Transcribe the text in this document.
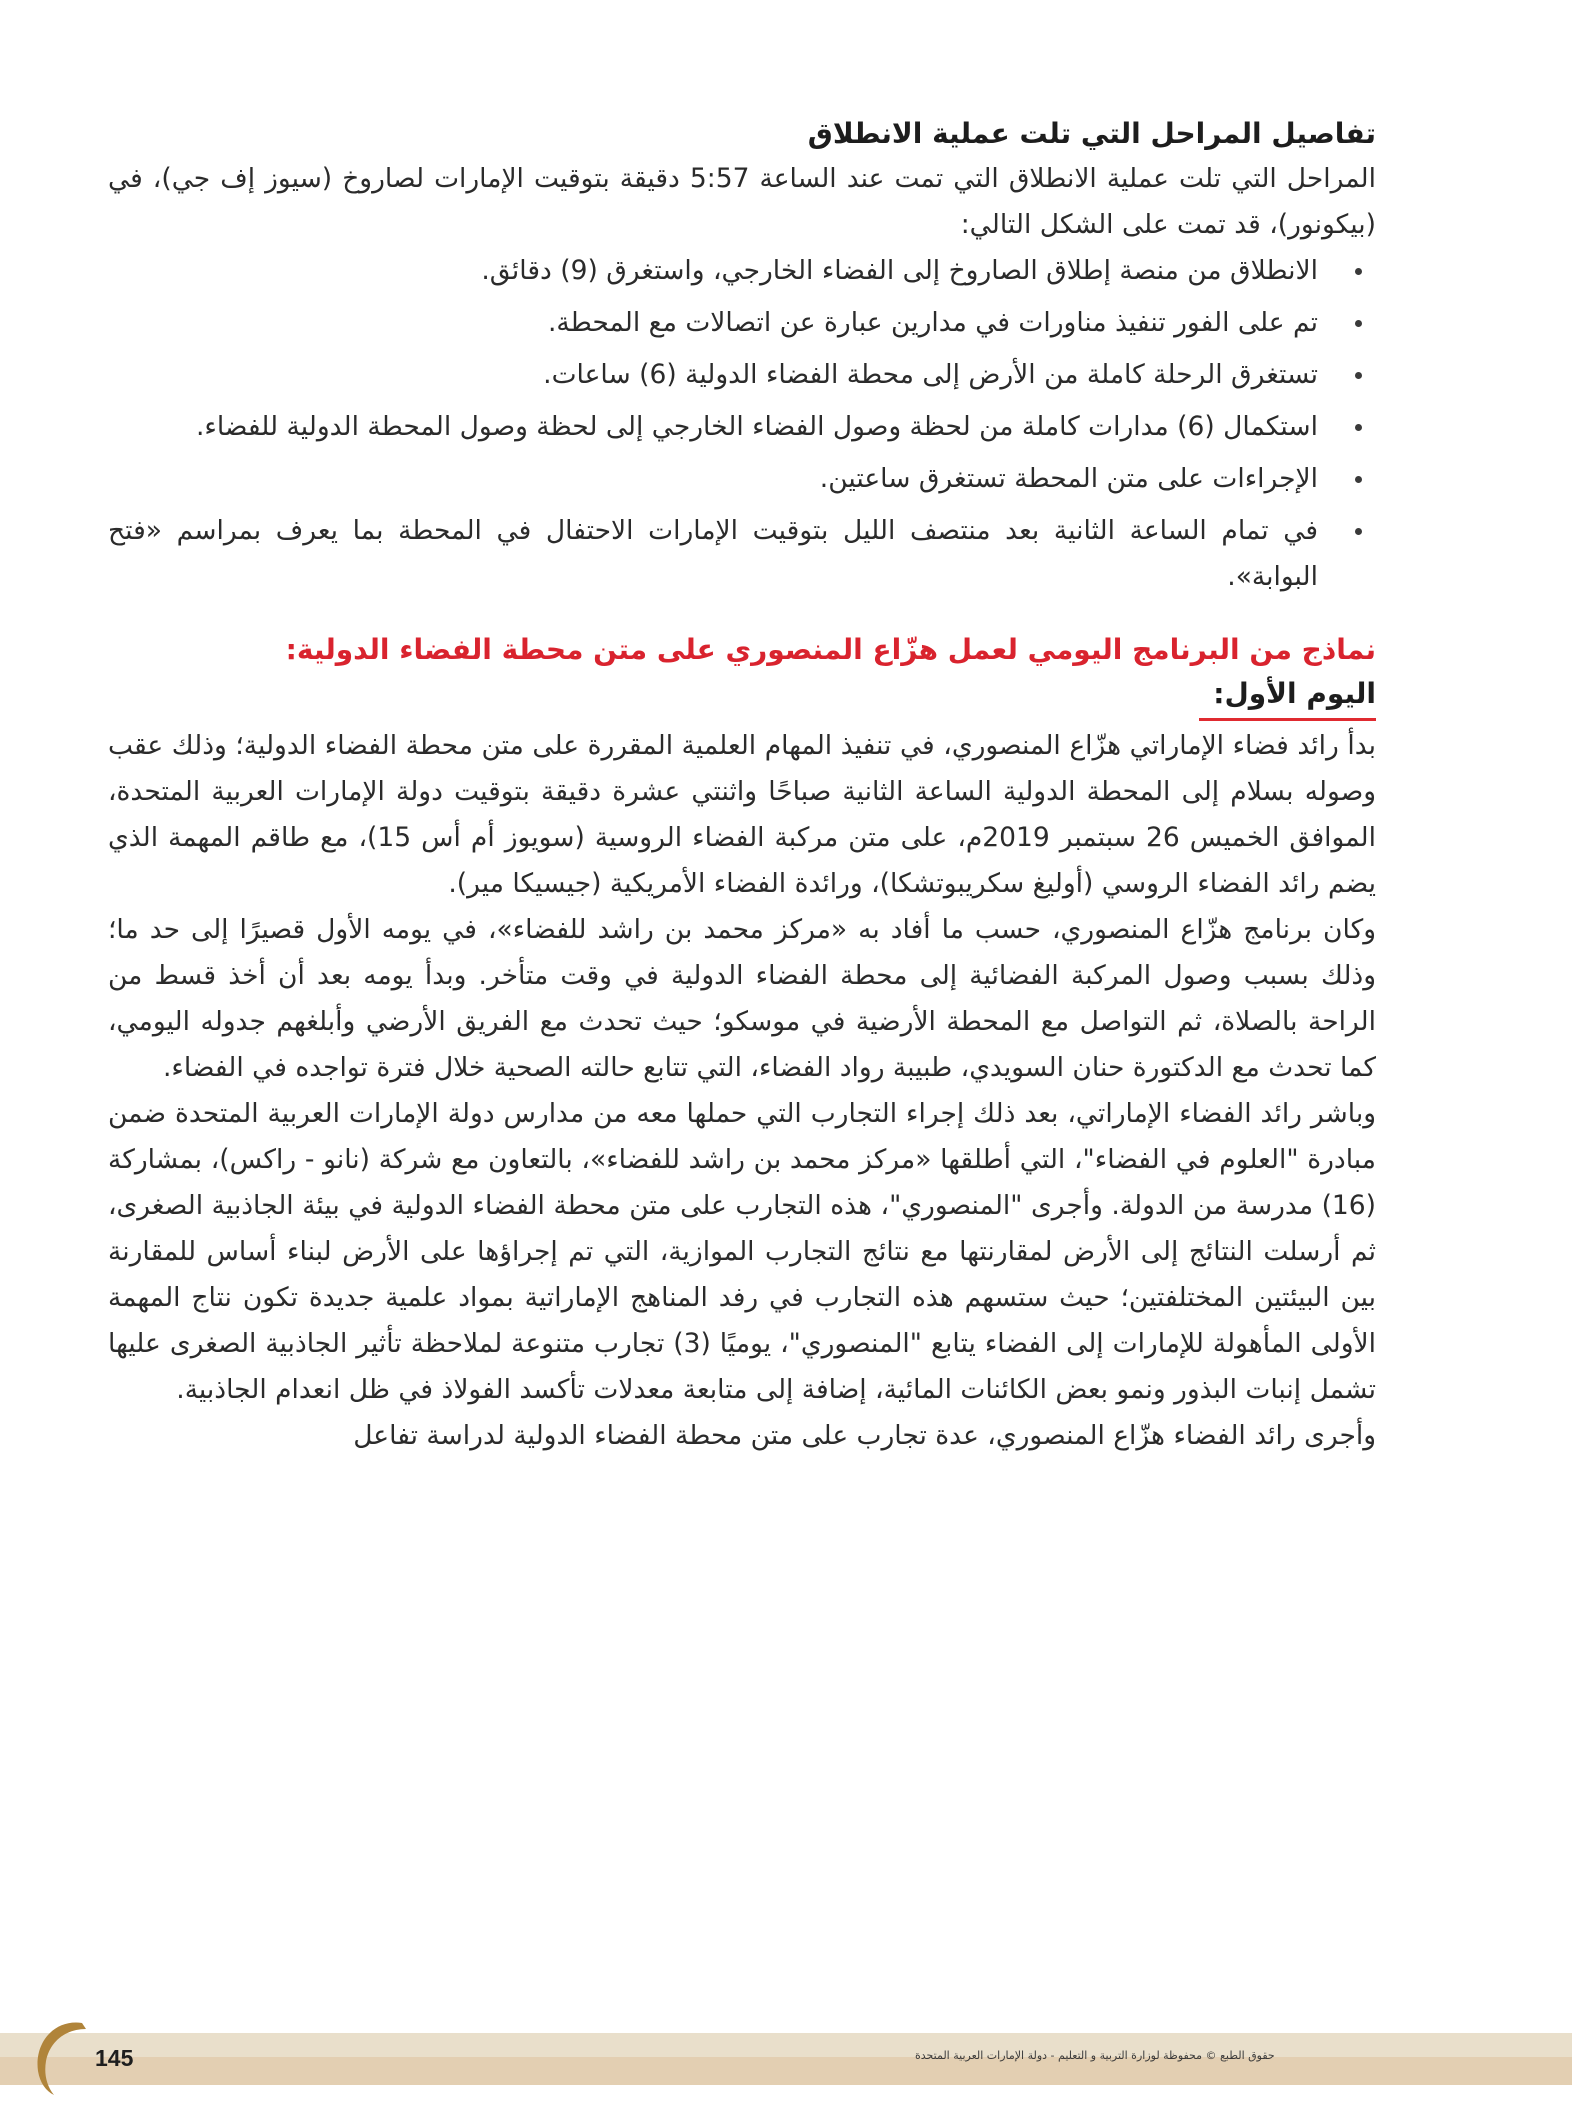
تفاصيل المراحل التي تلت عملية الانطلاق

المراحل التي تلت عملية الانطلاق التي تمت عند الساعة 5:57 دقيقة بتوقيت الإمارات لصاروخ (سيوز إف جي)، في (بيكونور)، قد تمت على الشكل التالي:

الانطلاق من منصة إطلاق الصاروخ إلى الفضاء الخارجي، واستغرق (9) دقائق.
تم على الفور تنفيذ مناورات في مدارين عبارة عن اتصالات مع المحطة.
تستغرق الرحلة كاملة من الأرض إلى محطة الفضاء الدولية (6) ساعات.
استكمال (6) مدارات كاملة من لحظة وصول الفضاء الخارجي إلى لحظة وصول المحطة الدولية للفضاء.
الإجراءات على متن المحطة تستغرق ساعتين.
في تمام الساعة الثانية بعد منتصف الليل بتوقيت الإمارات الاحتفال في المحطة بما يعرف بمراسم «فتح البوابة».
نماذج من البرنامج اليومي لعمل هزّاع المنصوري على متن محطة الفضاء الدولية:
اليوم الأول:

بدأ رائد فضاء الإماراتي هزّاع المنصوري، في تنفيذ المهام العلمية المقررة على متن محطة الفضاء الدولية؛ وذلك عقب وصوله بسلام إلى المحطة الدولية الساعة الثانية صباحًا واثنتي عشرة دقيقة بتوقيت دولة الإمارات العربية المتحدة، الموافق الخميس 26 سبتمبر 2019م، على متن مركبة الفضاء الروسية (سويوز أم أس 15)، مع طاقم المهمة الذي يضم رائد الفضاء الروسي (أوليغ سكريبوتشكا)، ورائدة الفضاء الأمريكية (جيسيكا مير).

وكان برنامج هزّاع المنصوري، حسب ما أفاد به «مركز محمد بن راشد للفضاء»، في يومه الأول قصيرًا إلى حد ما؛ وذلك بسبب وصول المركبة الفضائية إلى محطة الفضاء الدولية في وقت متأخر. وبدأ يومه بعد أن أخذ قسط من الراحة بالصلاة، ثم التواصل مع المحطة الأرضية في موسكو؛ حيث تحدث مع الفريق الأرضي وأبلغهم جدوله اليومي، كما تحدث مع الدكتورة حنان السويدي، طبيبة رواد الفضاء، التي تتابع حالته الصحية خلال فترة تواجده في الفضاء.

وباشر رائد الفضاء الإماراتي، بعد ذلك إجراء التجارب التي حملها معه من مدارس دولة الإمارات العربية المتحدة ضمن مبادرة "العلوم في الفضاء"، التي أطلقها «مركز محمد بن راشد للفضاء»، بالتعاون مع شركة (نانو - راكس)، بمشاركة (16) مدرسة من الدولة. وأجرى "المنصوري"، هذه التجارب على متن محطة الفضاء الدولية في بيئة الجاذبية الصغرى، ثم أرسلت النتائج إلى الأرض لمقارنتها مع نتائج التجارب الموازية، التي تم إجراؤها على الأرض لبناء أساس للمقارنة بين البيئتين المختلفتين؛ حيث ستسهم هذه التجارب في رفد المناهج الإماراتية بمواد علمية جديدة تكون نتاج المهمة الأولى المأهولة للإمارات إلى الفضاء يتابع "المنصوري"، يوميًا (3) تجارب متنوعة لملاحظة تأثير الجاذبية الصغرى عليها تشمل إنبات البذور ونمو بعض الكائنات المائية، إضافة إلى متابعة معدلات تأكسد الفولاذ في ظل انعدام الجاذبية.

وأجرى رائد الفضاء هزّاع المنصوري، عدة تجارب على متن محطة الفضاء الدولية لدراسة تفاعل

145	حقوق الطبع © محفوظة لوزارة التربية و التعليم - دولة الإمارات العربية المتحدة
